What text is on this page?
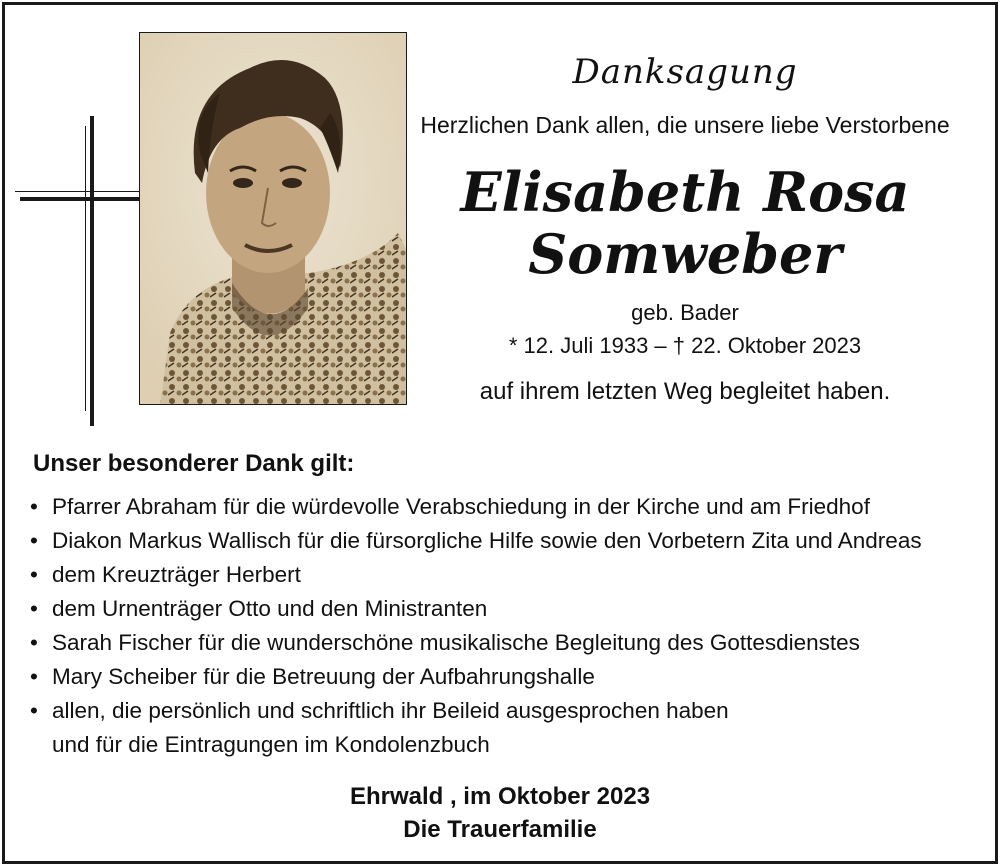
Danksagung
Herzlichen Dank allen, die unsere liebe Verstorbene
Elisabeth Rosa
Somweber
geb. Bader
* 12. Juli 1933 – † 22. Oktober 2023
auf ihrem letzten Weg begleitet haben.
Unser besonderer Dank gilt:
• Pfarrer Abraham für die würdevolle Verabschiedung in der Kirche und am Friedhof
• Diakon Markus Wallisch für die fürsorgliche Hilfe sowie den Vorbetern Zita und Andreas
• dem Kreuzträger Herbert
• dem Urnenträger Otto und den Ministranten
• Sarah Fischer für die wunderschöne musikalische Begleitung des Gottesdienstes
• Mary Scheiber für die Betreuung der Aufbahrungshalle
• allen, die persönlich und schriftlich ihr Beileid ausgesprochen haben
und für die Eintragungen im Kondolenzbuch
Ehrwald , im Oktober 2023
Die Trauerfamilie
